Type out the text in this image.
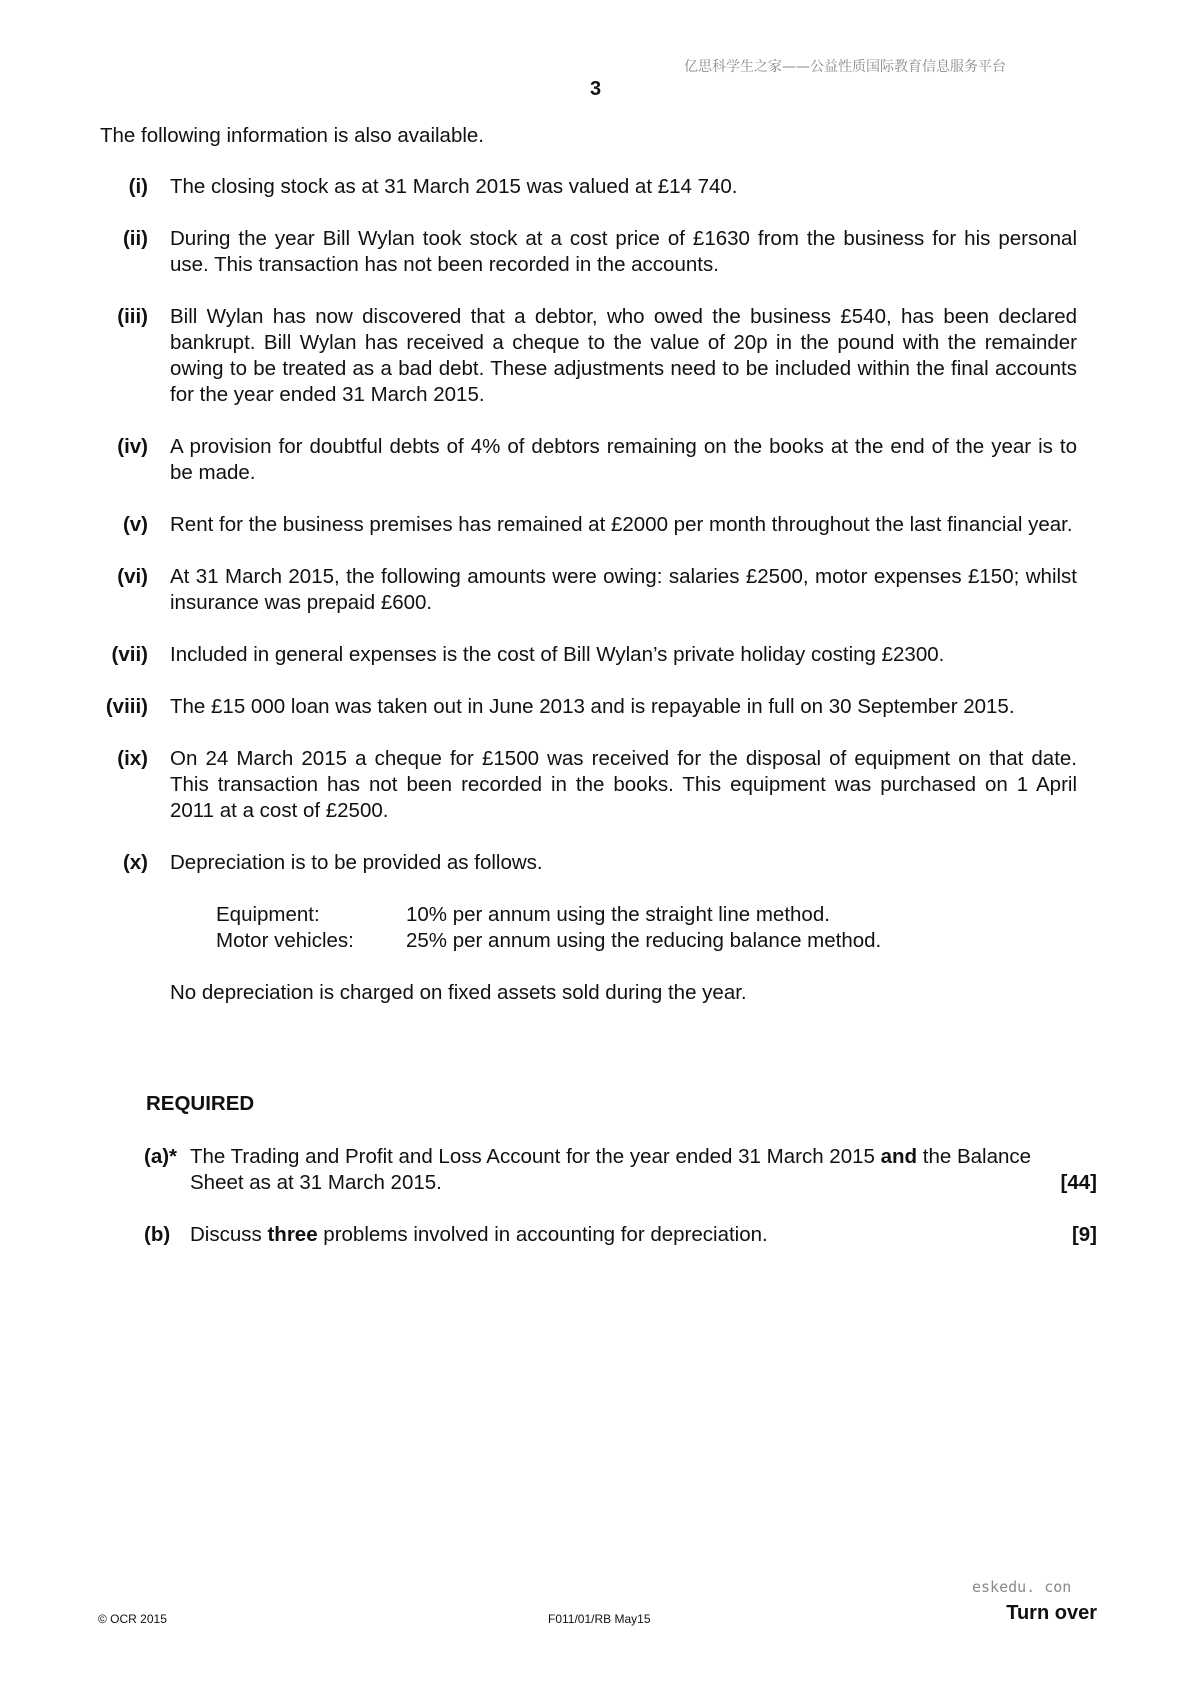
亿思科学生之家——公益性质国际教育信息服务平台
3
The following information is also available.
(i)	The closing stock as at 31 March 2015 was valued at £14 740.
(ii)	During the year Bill Wylan took stock at a cost price of £1630 from the business for his personal use. This transaction has not been recorded in the accounts.
(iii)	Bill Wylan has now discovered that a debtor, who owed the business £540, has been declared bankrupt. Bill Wylan has received a cheque to the value of 20p in the pound with the remainder owing to be treated as a bad debt. These adjustments need to be included within the final accounts for the year ended 31 March 2015.
(iv)	A provision for doubtful debts of 4% of debtors remaining on the books at the end of the year is to be made.
(v)	Rent for the business premises has remained at £2000 per month throughout the last financial year.
(vi)	At 31 March 2015, the following amounts were owing: salaries £2500, motor expenses £150; whilst insurance was prepaid £600.
(vii)	Included in general expenses is the cost of Bill Wylan’s private holiday costing £2300.
(viii)	The £15 000 loan was taken out in June 2013 and is repayable in full on 30 September 2015.
(ix)	On 24 March 2015 a cheque for £1500 was received for the disposal of equipment on that date. This transaction has not been recorded in the books. This equipment was purchased on 1 April 2011 at a cost of £2500.
(x)	Depreciation is to be provided as follows.
Equipment:	10% per annum using the straight line method.
Motor vehicles:	25% per annum using the reducing balance method.
No depreciation is charged on fixed assets sold during the year.
REQUIRED
(a)* The Trading and Profit and Loss Account for the year ended 31 March 2015 and the Balance
Sheet as at 31 March 2015.	[44]
(b) Discuss three problems involved in accounting for depreciation.	[9]
eskedu. con
© OCR 2015	F011/01/RB May15	Turn over
